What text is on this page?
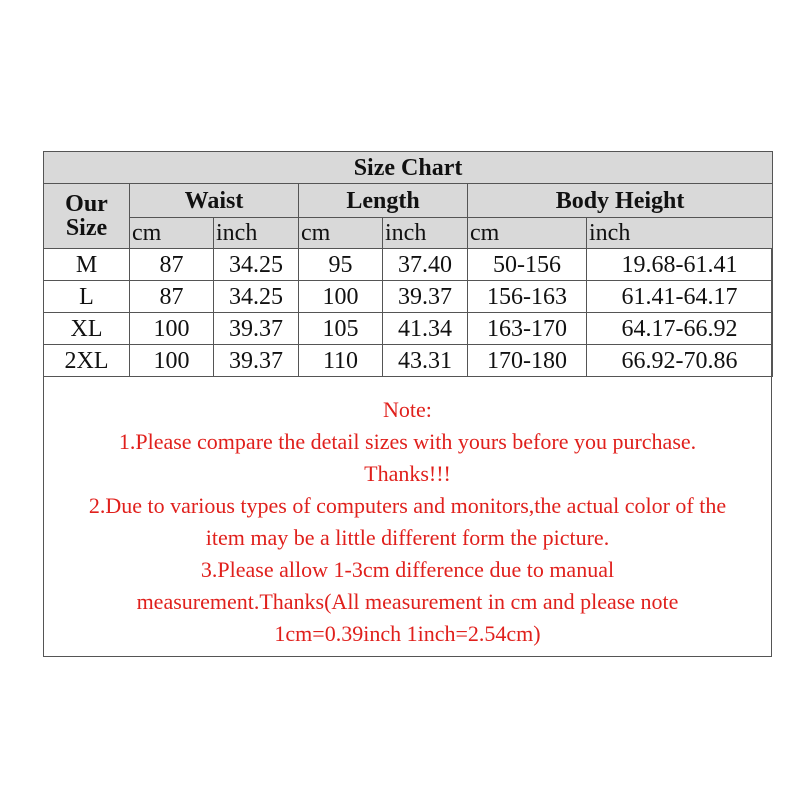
Size Chart						
Our
Size	Waist		Length		Body Height	
	cm	inch	cm	inch	cm	inch
M	87	34.25	95	37.40	50-156	19.68-61.41
L	87	34.25	100	39.37	156-163	61.41-64.17
XL	100	39.37	105	41.34	163-170	64.17-66.92
2XL	100	39.37	110	43.31	170-180	66.92-70.86
Note:
1.Please compare the detail sizes with yours before you purchase.
Thanks!!!
2.Due to various types of computers and monitors,the actual color of the
item may be a little different form the picture.
3.Please allow 1-3cm difference due to manual
measurement.Thanks(All measurement in cm and please note
1cm=0.39inch 1inch=2.54cm)
